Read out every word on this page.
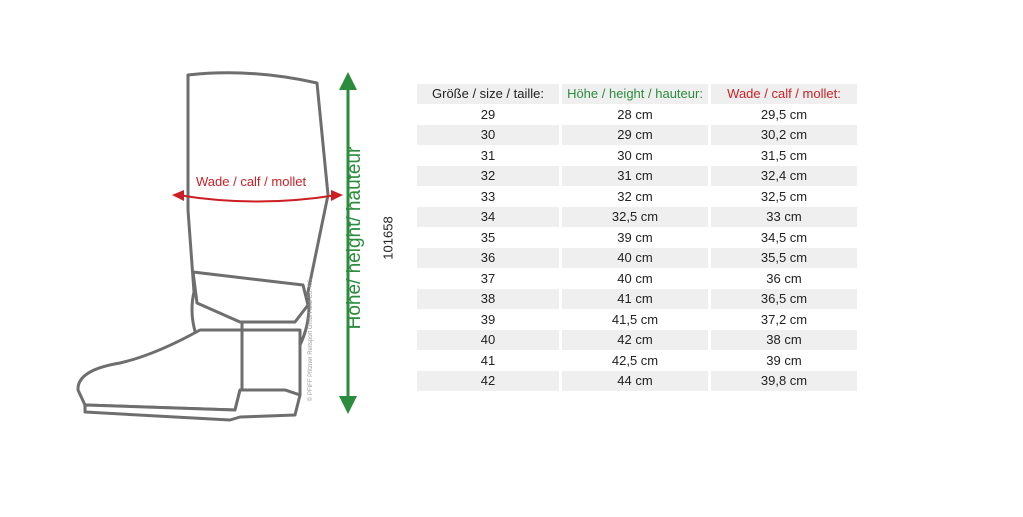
Wade / calf / mollet Höhe/ height/ hauteur 101658
© PFIFF Pfitzner Reitsport GmbH und Co. KG
Größe / size / taille:	Höhe / height / hauteur:	Wade / calf / mollet:
29	28 cm	29,5 cm
30	29 cm	30,2 cm
31	30 cm	31,5 cm
32	31 cm	32,4 cm
33	32 cm	32,5 cm
34	32,5 cm	33 cm
35	39 cm	34,5 cm
36	40 cm	35,5 cm
37	40 cm	36 cm
38	41 cm	36,5 cm
39	41,5 cm	37,2 cm
40	42 cm	38 cm
41	42,5 cm	39 cm
42	44 cm	39,8 cm
